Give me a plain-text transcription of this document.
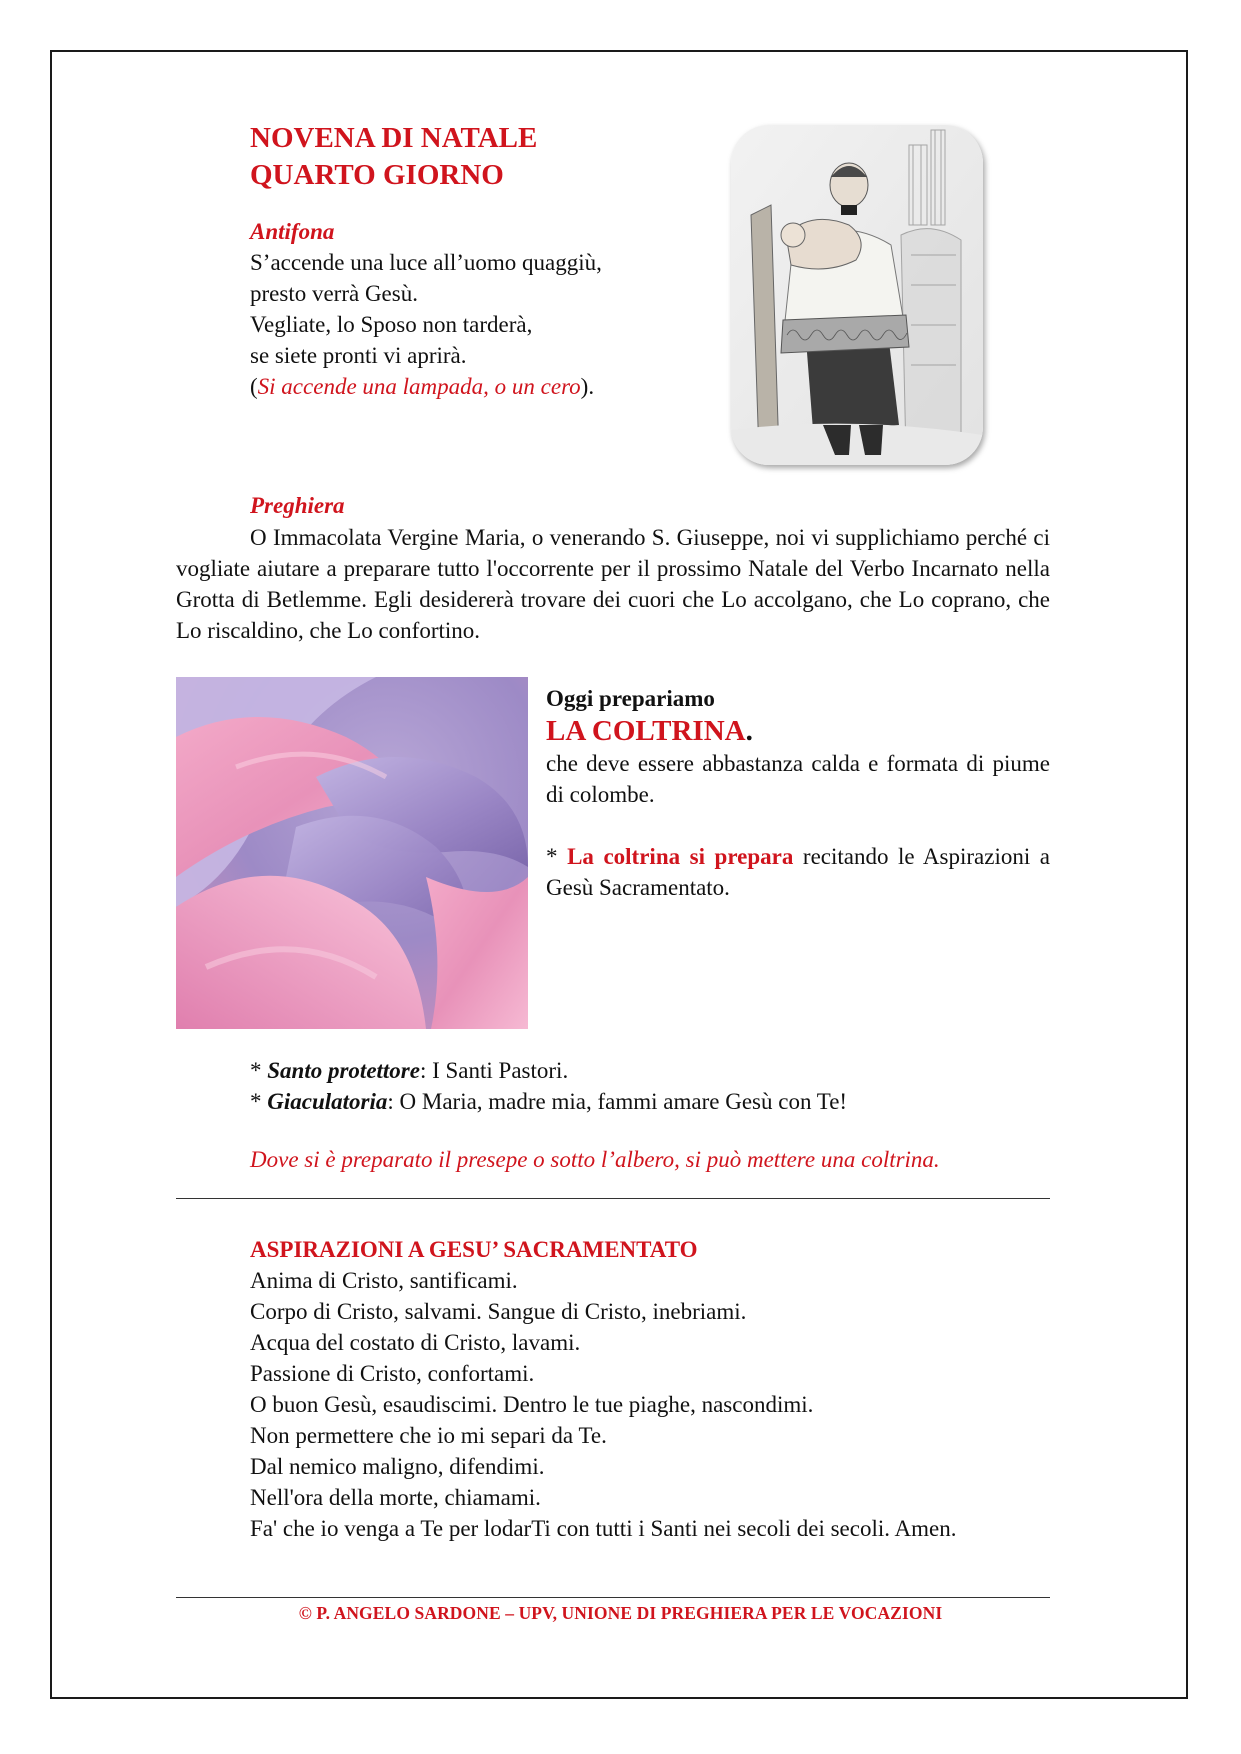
NOVENA DI NATALE
QUARTO GIORNO
Antifona
S’accende una luce all’uomo quaggiù,
presto verrà Gesù.
Vegliate, lo Sposo non tarderà,
se siete pronti vi aprirà.
(Si accende una lampada, o un cero).
Preghiera

O Immacolata Vergine Maria, o venerando S. Giuseppe, noi vi supplichiamo perché ci vogliate aiutare a preparare tutto l'occorrente per il prossimo Natale del Verbo Incarnato nella Grotta di Betlemme. Egli desidererà trovare dei cuori che Lo accolgano, che Lo coprano, che Lo riscaldino, che Lo confortino.

Oggi prepariamo
LA COLTRINA.

che deve essere abbastanza calda e formata di piume di colombe.

* La coltrina si prepara recitando le Aspirazioni a Gesù Sacramentato.

* Santo protettore: I Santi Pastori.
* Giaculatoria: O Maria, madre mia, fammi amare Gesù con Te!
Dove si è preparato il presepe o sotto l’albero, si può mettere una coltrina.
ASPIRAZIONI A GESU’ SACRAMENTATO
Anima di Cristo, santificami.
Corpo di Cristo, salvami. Sangue di Cristo, inebriami.
Acqua del costato di Cristo, lavami.
Passione di Cristo, confortami.
O buon Gesù, esaudiscimi. Dentro le tue piaghe, nascondimi.
Non permettere che io mi separi da Te.
Dal nemico maligno, difendimi.
Nell'ora della morte, chiamami.
Fa' che io venga a Te per lodarTi con tutti i Santi nei secoli dei secoli. Amen.
© P. ANGELO SARDONE – UPV, UNIONE DI PREGHIERA PER LE VOCAZIONI
